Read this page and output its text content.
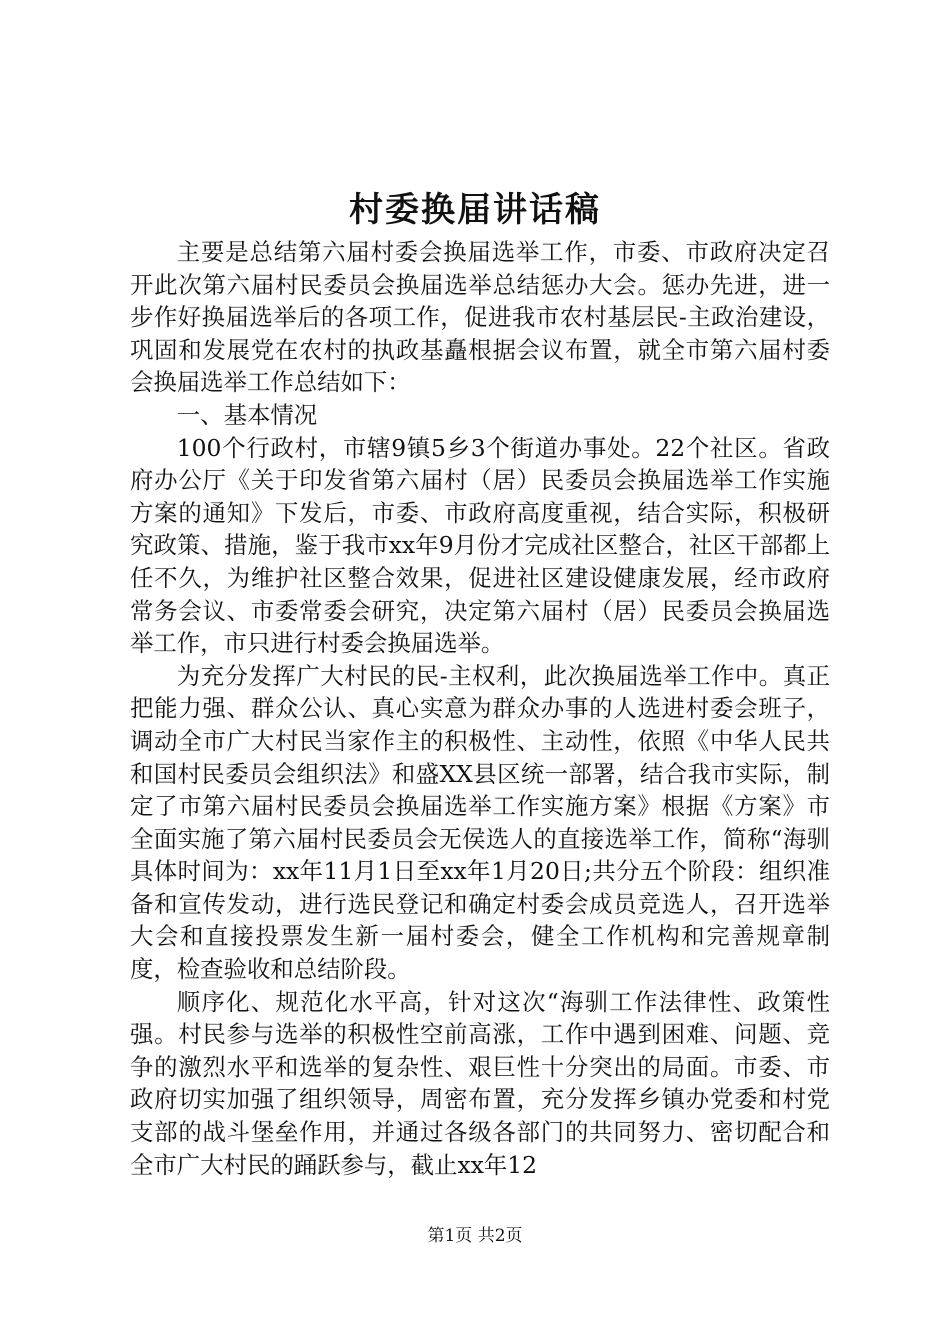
村委换届讲话稿

主要是总结第六届村委会换届选举工作，市委、市政府决定召开此次第六届村民委员会换届选举总结惩办大会。惩办先进，进一步作好换届选举后的各项工作，促进我市农村基层民-主政治建设，巩固和发展党在农村的执政基矗根据会议布置，就全市第六届村委会换届选举工作总结如下：

一、基本情况

100个行政村，市辖9镇5乡3个街道办事处。22个社区。省政府办公厅《关于印发省第六届村（居）民委员会换届选举工作实施方案的通知》下发后，市委、市政府高度重视，结合实际，积极研究政策、措施，鉴于我市xx年9月份才完成社区整合，社区干部都上任不久，为维护社区整合效果，促进社区建设健康发展，经市政府常务会议、市委常委会研究，决定第六届村（居）民委员会换届选举工作，市只进行村委会换届选举。

为充分发挥广大村民的民-主权利，此次换届选举工作中。真正把能力强、群众公认、真心实意为群众办事的人选进村委会班子，调动全市广大村民当家作主的积极性、主动性，依照《中华人民共和国村民委员会组织法》和盛XX县区统一部署，结合我市实际，制定了市第六届村民委员会换届选举工作实施方案》根据《方案》市全面实施了第六届村民委员会无侯选人的直接选举工作，简称“海驯具体时间为：xx年11月1日至xx年1月20日;共分五个阶段：组织准备和宣传发动，进行选民登记和确定村委会成员竞选人，召开选举大会和直接投票发生新一届村委会，健全工作机构和完善规章制度，检查验收和总结阶段。

顺序化、规范化水平高，针对这次“海驯工作法律性、政策性强。村民参与选举的积极性空前高涨，工作中遇到困难、问题、竞争的激烈水平和选举的复杂性、艰巨性十分突出的局面。市委、市政府切实加强了组织领导，周密布置，充分发挥乡镇办党委和村党支部的战斗堡垒作用，并通过各级各部门的共同努力、密切配合和全市广大村民的踊跃参与，截止xx年12

第1页 共2页
